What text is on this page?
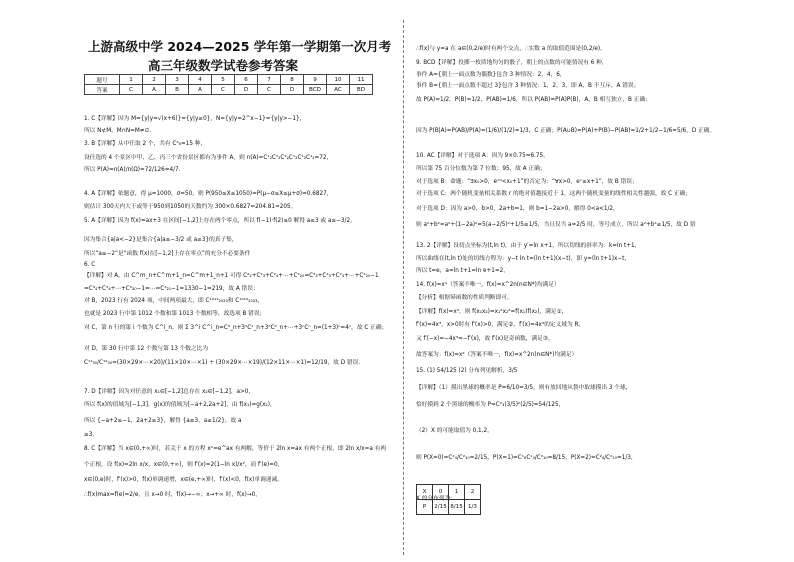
上游高级中学 2024—2025 学年第一学期第一次月考
高三年级数学试卷参考答案
题号	1	2	3	4	5	6	7	8	9	10	11
答案	C	A	B	A	C	D	C	D	BCD	AC	BD
1. C【详解】因为 M={y|y=√(x+6)}={y|y≥0}，N={y|y=2^x−1}={y|y>−1}，
所以 N⊄M，M∩N=M≠∅.
3. B【详解】从中任取 2 个，共有 C²₆=15 种，
设任选的 4 个景区中甲、乙、丙三个省份景区都有为事件 A，则 n(A)=C¹₂C¹₂C¹₂C¹₂C¹₂C¹₂=72，
所以 P(A)=n(A)/n(Ω)=72/126=4/7.
4. A【详解】依题意，得 μ=1000，σ=50，则 P(950≤X≤1050)=P(μ−σ≤X≤μ+σ)=0.6827，
则估计 300天内大于或等于950到1050的天数约为 300×0.6827=204.81≈205。
5. A【详解】因为 f(x)=ax+3 在区间[−1,2]上存在两个零点，所以 f(−1)·f(2)≤0 解得 a≥3 或 a≤−3/2，
因为集合{a|a<−2}是集合{a|a≤−3/2 或 a≥3}的真子集，
所以“a≤−2”是“函数 f(x)在[−1,2]上存在零点”的充分不必要条件
6. C
【详解】对 A，由 C^m_n+C^m+1_n=C^m+1_n+1 可得 C²₂+C²₃+C²₄+⋯+C²₂₀=C³₃+C²₃+C²₄+⋯+C²₂₀−1
=C³₄+C²₄+⋯+C²₂₀−1=⋯=C³₂₁−1=1330−1=219，故 A 错误；
对 B，2023 行有 2024 项，中间两项最大，即 C¹⁰¹¹₂₀₂₃和 C¹⁰¹²₂₀₂₃，
也就是 2023 行中第 1012 个数和第 1013 个数相等，故选项 B 错误；
对 C，第 n 行的第 i 个数为 C^i_n，则 Σ 3^i C^i_n=C⁰_n+3¹C¹_n+3²C²_n+⋯+3ⁿCⁿ_n=(1+3)ⁿ=4ⁿ，故 C 正确；
对 D，第 30 行中第 12 个数与第 13 个数之比为
C¹¹₃₀/C¹²₃₀=(30×29×⋯×20)/(11×10×⋯×1) ÷ (30×29×⋯×19)/(12×11×⋯×1)=12/19，故 D 错误.
7. D【详解】因为对任意的 x₁∈[−1,2]总存在 x₂∈[−1,2]，a>0，
所以 f(x)的值域为[−1,3]，g(x)的值域为[−a+2,2a+2]，由 f(x₁)=g(x₂)，
所以 {−a+2≤−1，2a+2≥3}，解得 {a≥3，a≥1/2}，故 a
≥3，
8. C【详解】当 x∈(0,+∞)时，若关于 x 的方程 x²=e^ax 有两解，等价于 2ln x=ax 有两个正根，即 2ln x/x=a 有两
个正根，设 f(x)=2ln x/x，x∈(0,+∞)，则 f′(x)=2(1−ln x)/x²，而 f′(e)=0，
x∈(0,e)时，f′(x)>0，f(x)单调递增，x∈(e,+∞)时，f′(x)<0，f(x)单调递减，
∴f(x)max=f(e)=2/e，且 x→0 时，f(x)→−∞；x→+∞ 时，f(x)→0，
∴f(x)与 y=a 在 a∈(0,2/e)时有两个交点，∴实数 a 的取值范围是(0,2/e)。
9. BCD【详解】投掷一枚质地均匀的骰子，朝上的点数的可能情况有 6 种，
事件 A={朝上一面点数为偶数}包含 3 种情况：2，4，6，
事件 B={朝上一面点数不超过 3}包含 3 种情况：1，2，3，即 A，B 不互斥，A 错误；
故 P(A)=1/2，P(B)=1/2，P(AB)=1/6，所以 P(AB)=P(A)P(B)，A，B 相互独立，B 正确；
因为 P(B|A)=P(AB)/P(A)=(1/6)/(1/2)=1/3，C 正确；P(A∪B)=P(A)+P(B)−P(AB)=1/2+1/2−1/6=5/6，D 正确。
10. AC【详解】对于选项 A：因为 9×0.75=6.75，
所以第 75 百分位数为第 7 位数：95，故 A 正确；
对于选项 B：命题：“∃x₀>0，eˣ⁰<x₀+1”的否定为：“∀x>0，eˣ≥x+1”，故 B 错误；
对于选项 C：两个随机变量相关系数 r 的绝对值越接近于 1，这两个随机变量的线性相关性越强，故 C 正确；
对于选项 D：因为 a>0，b>0，2a+b=1，则 b=1−2a>0，解得 0<a<1/2，
则 a²+b²=a²+(1−2a)²=5(a−2/5)²+1/5≥1/5，当且仅当 a=2/5 时，等号成立，所以 a²+b²≥1/5，故 D 错
13. 2【详解】设切点坐标为(t,ln t)，由于 y′=ln x+1，所以切线的斜率为：k=ln t+1，
所以曲线在(t,ln t)处的切线方程为：y−t ln t=(ln t+1)(x−t)，即 y=(ln t+1)x−t，
所以 t=e，a=ln t+1=ln e+1=2，
14. f(x)=x⁴（答案不唯一，f(x)=x^2n(n∈N*)均满足）
【分析】根据幂函数的性质判断即可。
【详解】f(x)=x⁴，则 f(x₁x₂)=x₁⁴x₂⁴=f(x₁)f(x₂)，满足①，
f′(x)=4x³，x>0时有 f′(x)>0，满足②，f′(x)=4x³的定义域为 R，
又 f′(−x)=−4x³=−f′(x)，故 f′(x)是奇函数，满足③，
故答案为：f(x)=x⁴（答案不唯一，f(x)=x^2n(n∈N*)均满足）
15. (1) 54/125 (2) 分布列见解析，3/5
【详解】（1）摸出黑球的概率是 P=6/10=3/5，则有放回地从袋中取球摸出 3 个球，
恰好摸到 2 个黑球的概率为 P=C²₃(3/5)²(2/5)=54/125，
（2）X 的可能取值为 0,1,2，
则 P(X=0)=C²₄/C²₁₀=2/15，P(X=1)=C¹₆C¹₄/C²₁₀=8/15，P(X=2)=C²₆/C²₁₀=1/3，
X 的分布列为：
X	0	1	2
P	2/15	8/15	1/3
